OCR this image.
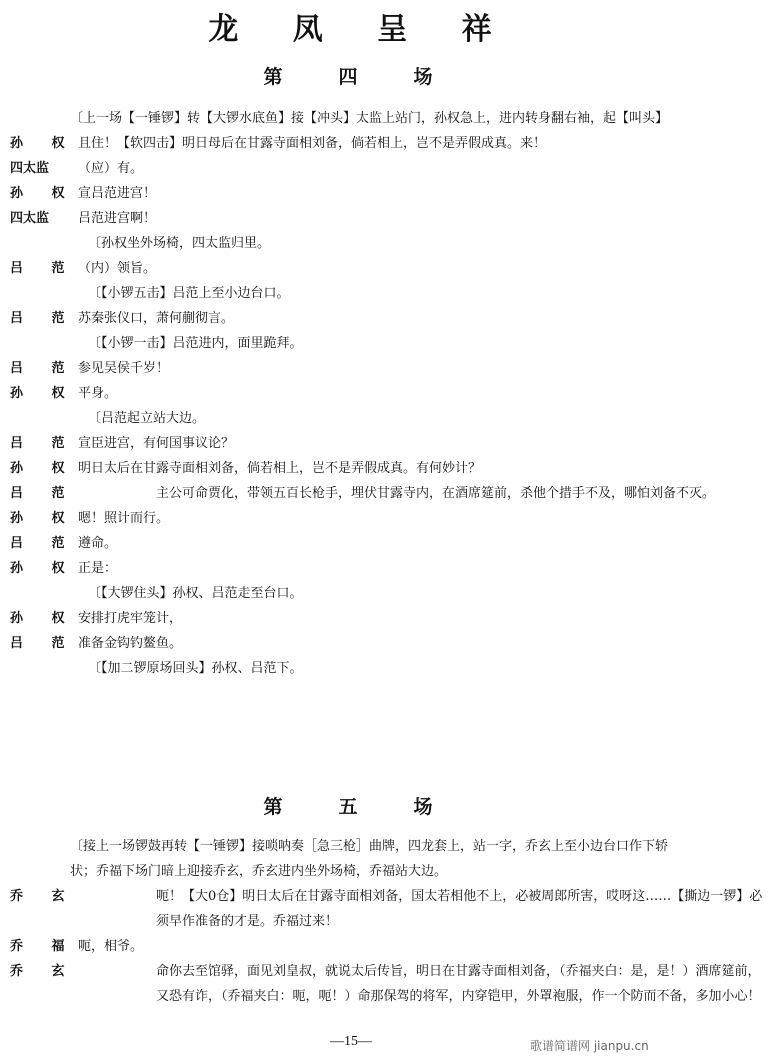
龙 凤 呈 祥
第	四	场
〔上一场【一锤锣】转【大锣水底鱼】接【冲头】太监上站门，孙权急上，进内转身翻右袖，起【叫头】
孙 权 且住！【软四击】明日母后在甘露寺面相刘备，倘若相上，岂不是弄假成真。来！
四太监	（应）有。
孙 权 宣吕范进宫！
四太监	吕范进宫啊！
〔孙权坐外场椅，四太监归里。
吕 范 （内）领旨。
〔【小锣五击】吕范上至小边台口。
吕 范 苏秦张仪口，萧何蒯彻言。
〔【小锣一击】吕范进内，面里跪拜。
吕 范 参见吴侯千岁！
孙 权 平身。
〔吕范起立站大边。
吕 范 宣臣进宫，有何国事议论？
孙 权 明日太后在甘露寺面相刘备，倘若相上，岂不是弄假成真。有何妙计？
吕 范	主公可命贾化，带领五百长枪手，埋伏甘露寺内，在酒席筵前，杀他个措手不及，哪怕刘备不灭。
孙 权 嗯！照计而行。
吕 范 遵命。
孙 权 正是：
〔【大锣住头】孙权、吕范走至台口。
孙 权 安排打虎牢笼计，
吕 范 准备金钩钓鳌鱼。
〔【加二锣原场回头】孙权、吕范下。
第	五	场
〔接上一场锣鼓再转【一锤锣】接唢呐奏［急三枪］曲牌，四龙套上，站一字，乔玄上至小边台口作下轿状；乔福下场门暗上迎接乔玄，乔玄进内坐外场椅，乔福站大边。
乔 玄	呃！【大0仓】明日太后在甘露寺面相刘备，国太若相他不上，必被周郎所害，哎呀这……【撕边一锣】必须早作准备的才是。乔福过来！
乔 福 呃，相爷。
乔 玄	命你去至馆驿，面见刘皇叔，就说太后传旨，明日在甘露寺面相刘备，（乔福夹白：是，是！）酒席筵前，又恐有诈，（乔福夹白：呃，呃！）命那保驾的将军，内穿铠甲，外罩袍服，作一个防而不备，多加小心！
—15—	歌谱简谱网 jianpu.cn
